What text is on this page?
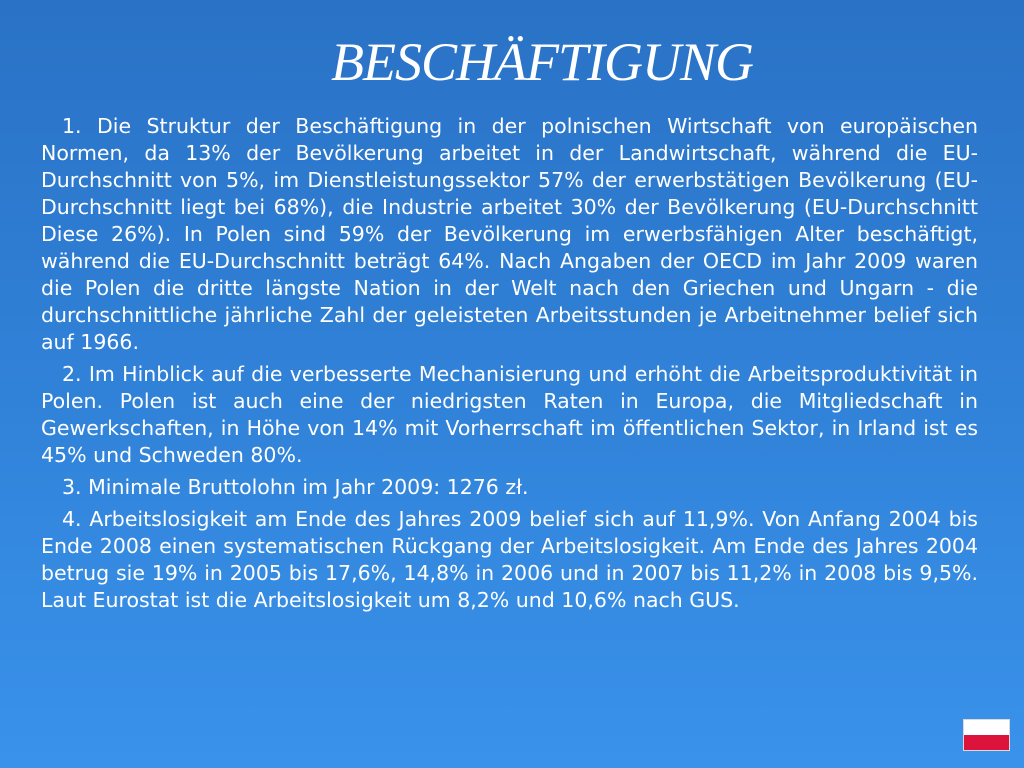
BESCHÄFTIGUNG

1. Die Struktur der Beschäftigung in der polnischen Wirtschaft von europäischen Normen, da 13% der Bevölkerung arbeitet in der Landwirtschaft, während die EU-Durchschnitt von 5%, im Dienstleistungssektor 57% der erwerbstätigen Bevölkerung (EU-Durchschnitt liegt bei 68%), die Industrie arbeitet 30% der Bevölkerung (EU-Durchschnitt Diese 26%). In Polen sind 59% der Bevölkerung im erwerbsfähigen Alter beschäftigt, während die EU-Durchschnitt beträgt 64%. Nach Angaben der OECD im Jahr 2009 waren die Polen die dritte längste Nation in der Welt nach den Griechen und Ungarn - die durchschnittliche jährliche Zahl der geleisteten Arbeitsstunden je Arbeitnehmer belief sich auf 1966.

2. Im Hinblick auf die verbesserte Mechanisierung und erhöht die Arbeitsproduktivität in Polen. Polen ist auch eine der niedrigsten Raten in Europa, die Mitgliedschaft in Gewerkschaften, in Höhe von 14% mit Vorherrschaft im öffentlichen Sektor, in Irland ist es 45% und Schweden 80%.

3. Minimale Bruttolohn im Jahr 2009: 1276 zł.

4. Arbeitslosigkeit am Ende des Jahres 2009 belief sich auf 11,9%. Von Anfang 2004 bis Ende 2008 einen systematischen Rückgang der Arbeitslosigkeit. Am Ende des Jahres 2004 betrug sie 19% in 2005 bis 17,6%, 14,8% in 2006 und in 2007 bis 11,2% in 2008 bis 9,5%. Laut Eurostat ist die Arbeitslosigkeit um 8,2% und 10,6% nach GUS.
